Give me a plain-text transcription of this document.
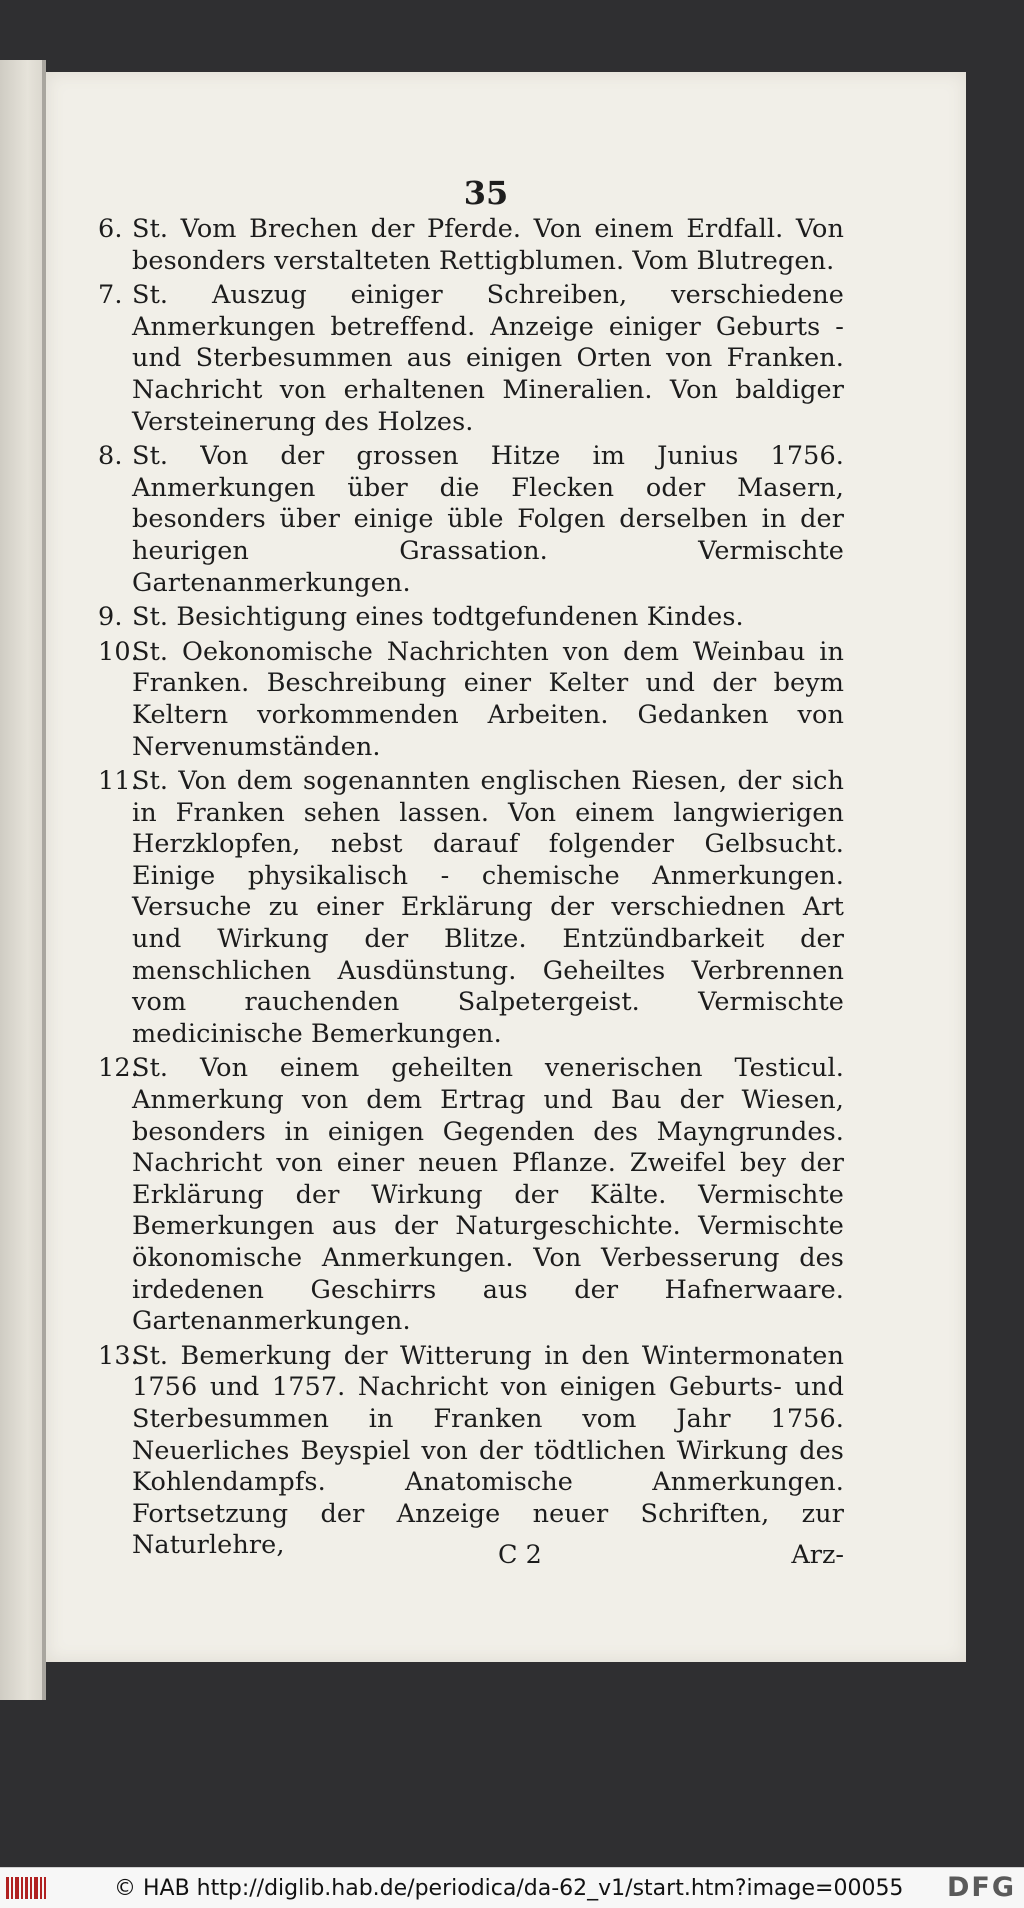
35
6. St. Vom Brechen der Pferde. Von einem Erdfall. Von besonders verstalteten Rettigblumen. Vom Blutregen.
7. St. Auszug einiger Schreiben, verschiedene Anmerkungen betreffend. Anzeige einiger Geburts - und Sterbesummen aus einigen Orten von Franken. Nachricht von erhaltenen Mineralien. Von baldiger Versteinerung des Holzes.
8. St. Von der grossen Hitze im Junius 1756. Anmerkungen über die Flecken oder Masern, besonders über einige üble Folgen derselben in der heurigen Grassation. Vermischte Gartenanmerkungen.
9. St. Besichtigung eines todtgefundenen Kindes.
10.
St. Oekonomische Nachrichten von dem Weinbau in Franken. Beschreibung einer Kelter und der beym Keltern vorkommenden Arbeiten. Gedanken von Nervenumständen.
11.
St. Von dem sogenannten englischen Riesen, der sich in Franken sehen lassen. Von einem langwierigen Herzklopfen, nebst darauf folgender Gelbsucht. Einige physikalisch - chemische Anmerkungen. Versuche zu einer Erklärung der verschiednen Art und Wirkung der Blitze. Entzündbarkeit der menschlichen Ausdünstung. Geheiltes Verbrennen vom rauchenden Salpetergeist. Vermischte medicinische Bemerkungen.
12.
St. Von einem geheilten venerischen Testicul. Anmerkung von dem Ertrag und Bau der Wiesen, besonders in einigen Gegenden des Mayngrundes. Nachricht von einer neuen Pflanze. Zweifel bey der Erklärung der Wirkung der Kälte. Vermischte Bemerkungen aus der Naturgeschichte. Vermischte ökonomische Anmerkungen. Von Verbesserung des irdedenen Geschirrs aus der Hafnerwaare. Gartenanmerkungen.
13.
St. Bemerkung der Witterung in den Wintermonaten 1756 und 1757. Nachricht von einigen Geburts- und Sterbesummen in Franken vom Jahr 1756. Neuerliches Beyspiel von der tödtlichen Wirkung des Kohlendampfs. Anatomische Anmerkungen. Fortsetzung der Anzeige neuer Schriften, zur Naturlehre,	C 2	Arz-
© HAB http://diglib.hab.de/periodica/da-62_v1/start.htm?image=00055 DFG
